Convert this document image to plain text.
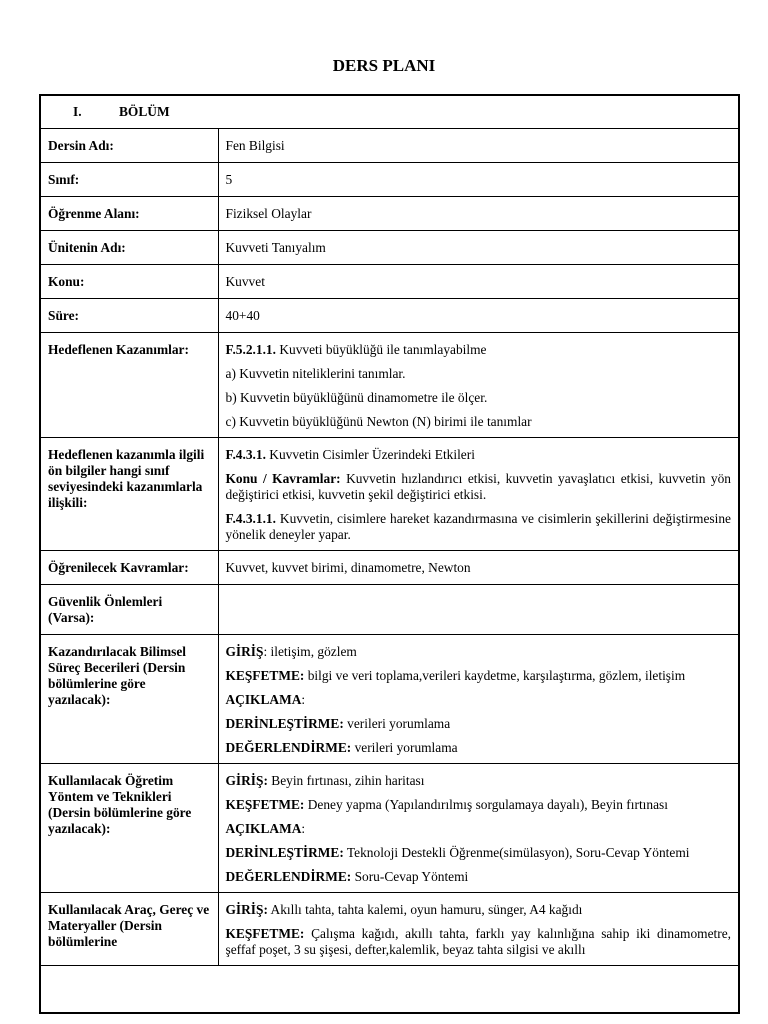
DERS PLANI
I. BÖLÜM	
Dersin Adı:	Fen Bilgisi
Sınıf:	5
Öğrenme Alanı:	Fiziksel Olaylar
Ünitenin Adı:	Kuvveti Tanıyalım
Konu:	Kuvvet
Süre:	40+40
Hedeflenen Kazanımlar:	F.5.2.1.1. Kuvveti büyüklüğü ile tanımlayabilme
a) Kuvvetin niteliklerini tanımlar.
b) Kuvvetin büyüklüğünü dinamometre ile ölçer.
c) Kuvvetin büyüklüğünü Newton (N) birimi ile tanımlar

Hedeflenen kazanımla ilgili ön bilgiler hangi sınıf seviyesindeki kazanımlarla ilişkili:	F.4.3.1. Kuvvetin Cisimler Üzerindeki Etkileri
Konu / Kavramlar: Kuvvetin hızlandırıcı etkisi, kuvvetin yavaşlatıcı etkisi, kuvvetin yön değiştirici etkisi, kuvvetin şekil değiştirici etkisi.
F.4.3.1.1. Kuvvetin, cisimlere hareket kazandırmasına ve cisimlerin şekillerini değiştirmesine yönelik deneyler yapar.

Öğrenilecek Kavramlar:	Kuvvet, kuvvet birimi, dinamometre, Newton
Güvenlik Önlemleri (Varsa):	
Kazandırılacak Bilimsel Süreç Becerileri (Dersin bölümlerine göre yazılacak):	GİRİŞ: iletişim, gözlem
KEŞFETME: bilgi ve veri toplama,verileri kaydetme, karşılaştırma, gözlem, iletişim
AÇIKLAMA:
DERİNLEŞTİRME: verileri yorumlama
DEĞERLENDİRME: verileri yorumlama

Kullanılacak Öğretim Yöntem ve Teknikleri (Dersin bölümlerine göre yazılacak):	GİRİŞ: Beyin fırtınası, zihin haritası
KEŞFETME: Deney yapma (Yapılandırılmış sorgulamaya dayalı), Beyin fırtınası
AÇIKLAMA:
DERİNLEŞTİRME: Teknoloji Destekli Öğrenme(simülasyon), Soru-Cevap Yöntemi
DEĞERLENDİRME: Soru-Cevap Yöntemi

Kullanılacak Araç, Gereç ve Materyaller (Dersin bölümlerine	GİRİŞ: Akıllı tahta, tahta kalemi, oyun hamuru, sünger, A4 kağıdı
KEŞFETME: Çalışma kağıdı, akıllı tahta, farklı yay kalınlığına sahip iki dinamometre, şeffaf poşet, 3 su şişesi, defter,kalemlik, beyaz tahta silgisi ve akıllı
